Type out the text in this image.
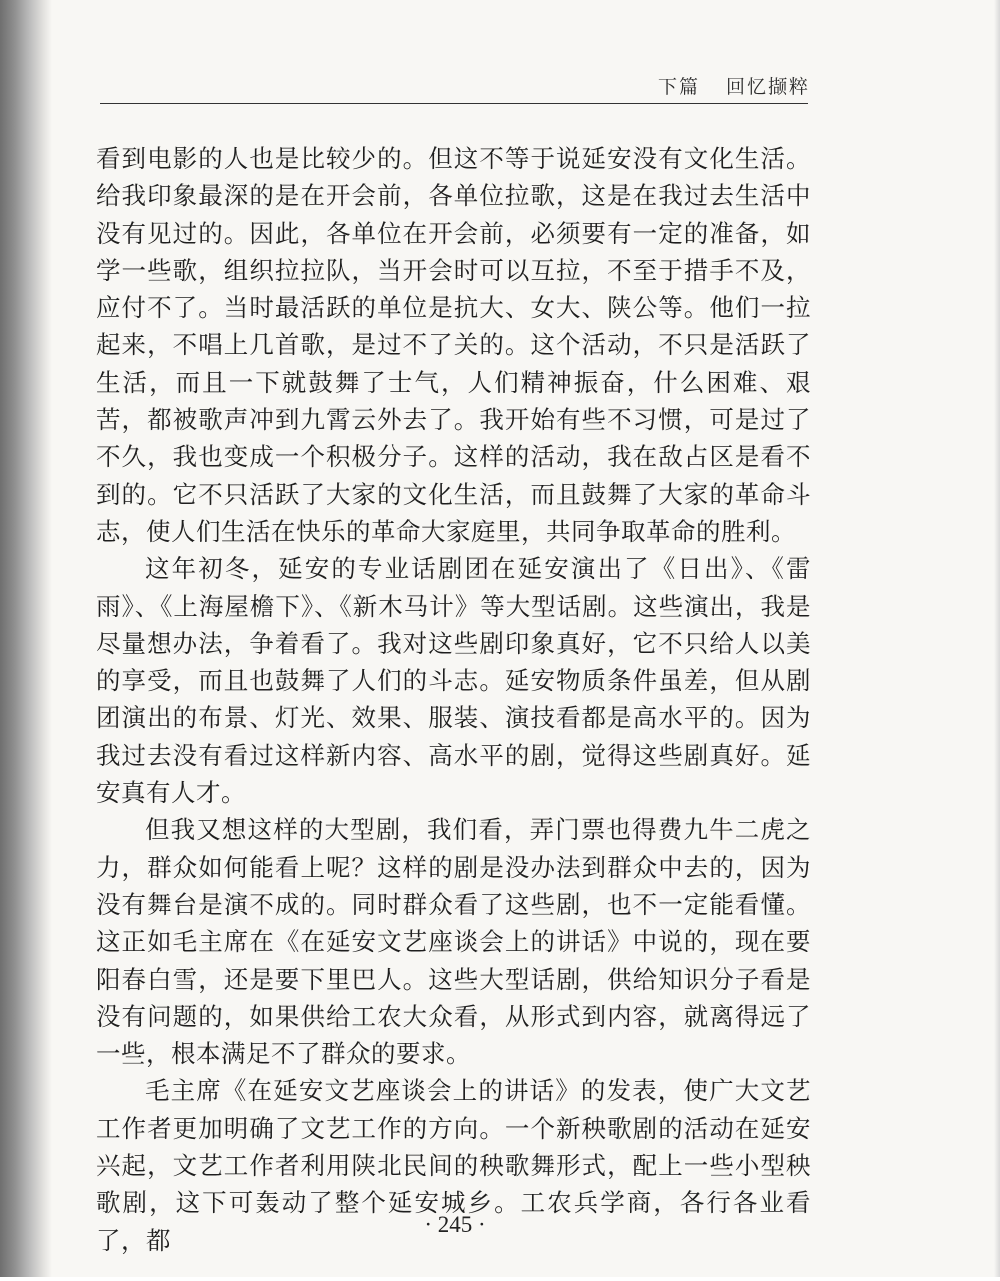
下篇 回忆撷粹

看到电影的人也是比较少的。但这不等于说延安没有文化生活。给我印象最深的是在开会前，各单位拉歌，这是在我过去生活中没有见过的。因此，各单位在开会前，必须要有一定的准备，如学一些歌，组织拉拉队，当开会时可以互拉，不至于措手不及，应付不了。当时最活跃的单位是抗大、女大、陕公等。他们一拉起来，不唱上几首歌，是过不了关的。这个活动，不只是活跃了生活，而且一下就鼓舞了士气，人们精神振奋，什么困难、艰苦，都被歌声冲到九霄云外去了。我开始有些不习惯，可是过了不久，我也变成一个积极分子。这样的活动，我在敌占区是看不到的。它不只活跃了大家的文化生活，而且鼓舞了大家的革命斗志，使人们生活在快乐的革命大家庭里，共同争取革命的胜利。

这年初冬，延安的专业话剧团在延安演出了《日出》、《雷雨》、《上海屋檐下》、《新木马计》等大型话剧。这些演出，我是尽量想办法，争着看了。我对这些剧印象真好，它不只给人以美的享受，而且也鼓舞了人们的斗志。延安物质条件虽差，但从剧团演出的布景、灯光、效果、服装、演技看都是高水平的。因为我过去没有看过这样新内容、高水平的剧，觉得这些剧真好。延安真有人才。

但我又想这样的大型剧，我们看，弄门票也得费九牛二虎之力，群众如何能看上呢？这样的剧是没办法到群众中去的，因为没有舞台是演不成的。同时群众看了这些剧，也不一定能看懂。这正如毛主席在《在延安文艺座谈会上的讲话》中说的，现在要阳春白雪，还是要下里巴人。这些大型话剧，供给知识分子看是没有问题的，如果供给工农大众看，从形式到内容，就离得远了一些，根本满足不了群众的要求。

毛主席《在延安文艺座谈会上的讲话》的发表，使广大文艺工作者更加明确了文艺工作的方向。一个新秧歌剧的活动在延安兴起，文艺工作者利用陕北民间的秧歌舞形式，配上一些小型秧歌剧，这下可轰动了整个延安城乡。工农兵学商，各行各业看了，都

· 245 ·
